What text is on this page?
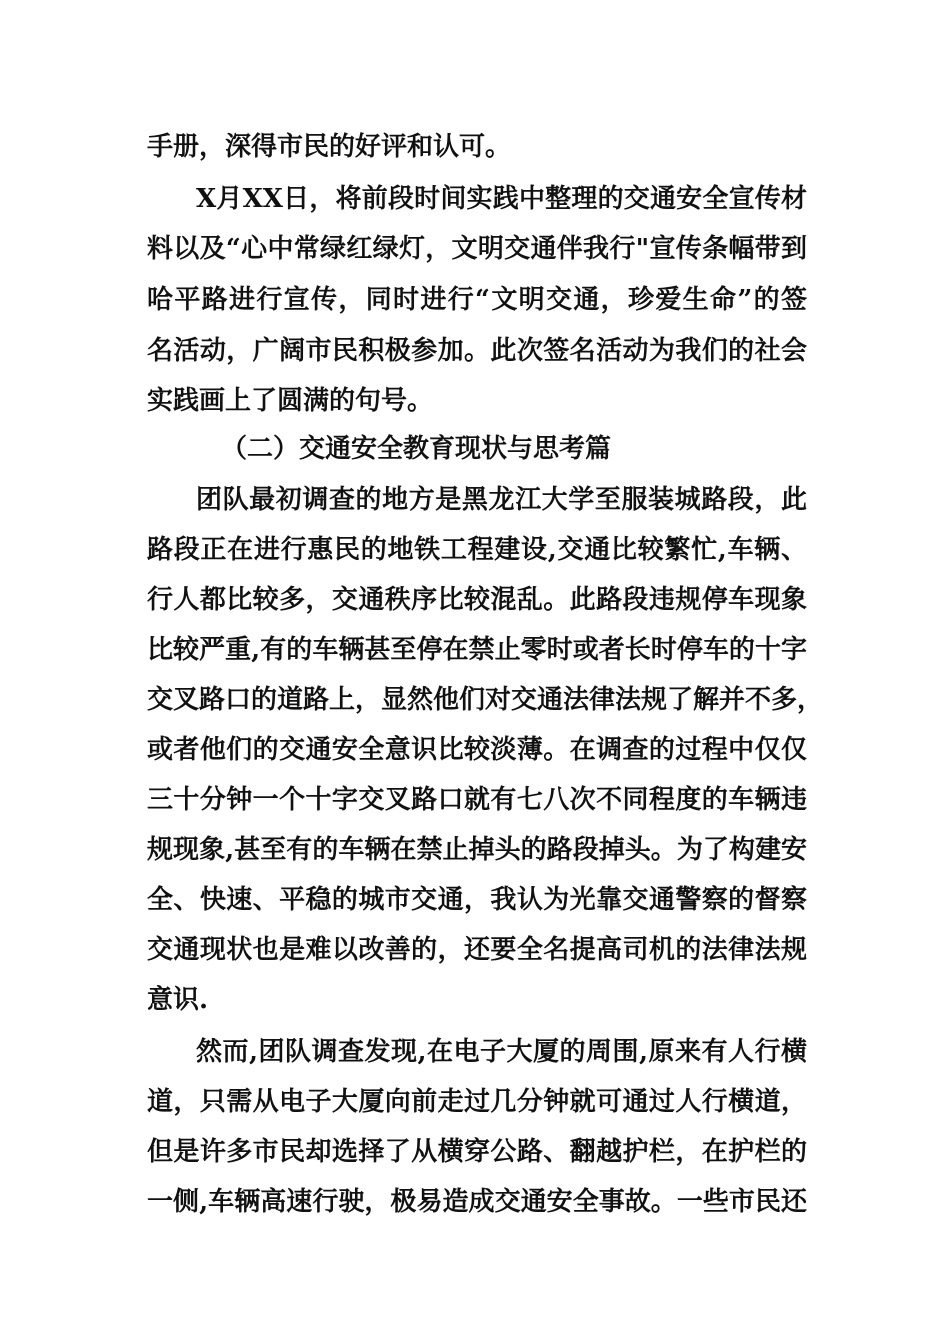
手册，深得市民的好评和认可。
X月XX日，将前段时间实践中整理的交通安全宣传材
料以及“心中常绿红绿灯，文明交通伴我行"宣传条幅带到
哈平路进行宣传，同时进行“文明交通，珍爱生命”的签
名活动，广阔市民积极参加。此次签名活动为我们的社会
实践画上了圆满的句号。
（二）交通安全教育现状与思考篇
团队最初调查的地方是黑龙江大学至服装城路段，此
路段正在进行惠民的地铁工程建设,交通比较繁忙,车辆、
行人都比较多，交通秩序比较混乱。此路段违规停车现象
比较严重,有的车辆甚至停在禁止零时或者长时停车的十字
交叉路口的道路上，显然他们对交通法律法规了解并不多，
或者他们的交通安全意识比较淡薄。在调查的过程中仅仅
三十分钟一个十字交叉路口就有七八次不同程度的车辆违
规现象,甚至有的车辆在禁止掉头的路段掉头。为了构建安
全、快速、平稳的城市交通，我认为光靠交通警察的督察
交通现状也是难以改善的，还要全名提高司机的法律法规
意识.
然而,团队调查发现,在电子大厦的周围,原来有人行横
道，只需从电子大厦向前走过几分钟就可通过人行横道，
但是许多市民却选择了从横穿公路、翻越护栏，在护栏的
一侧,车辆高速行驶，极易造成交通安全事故。一些市民还
